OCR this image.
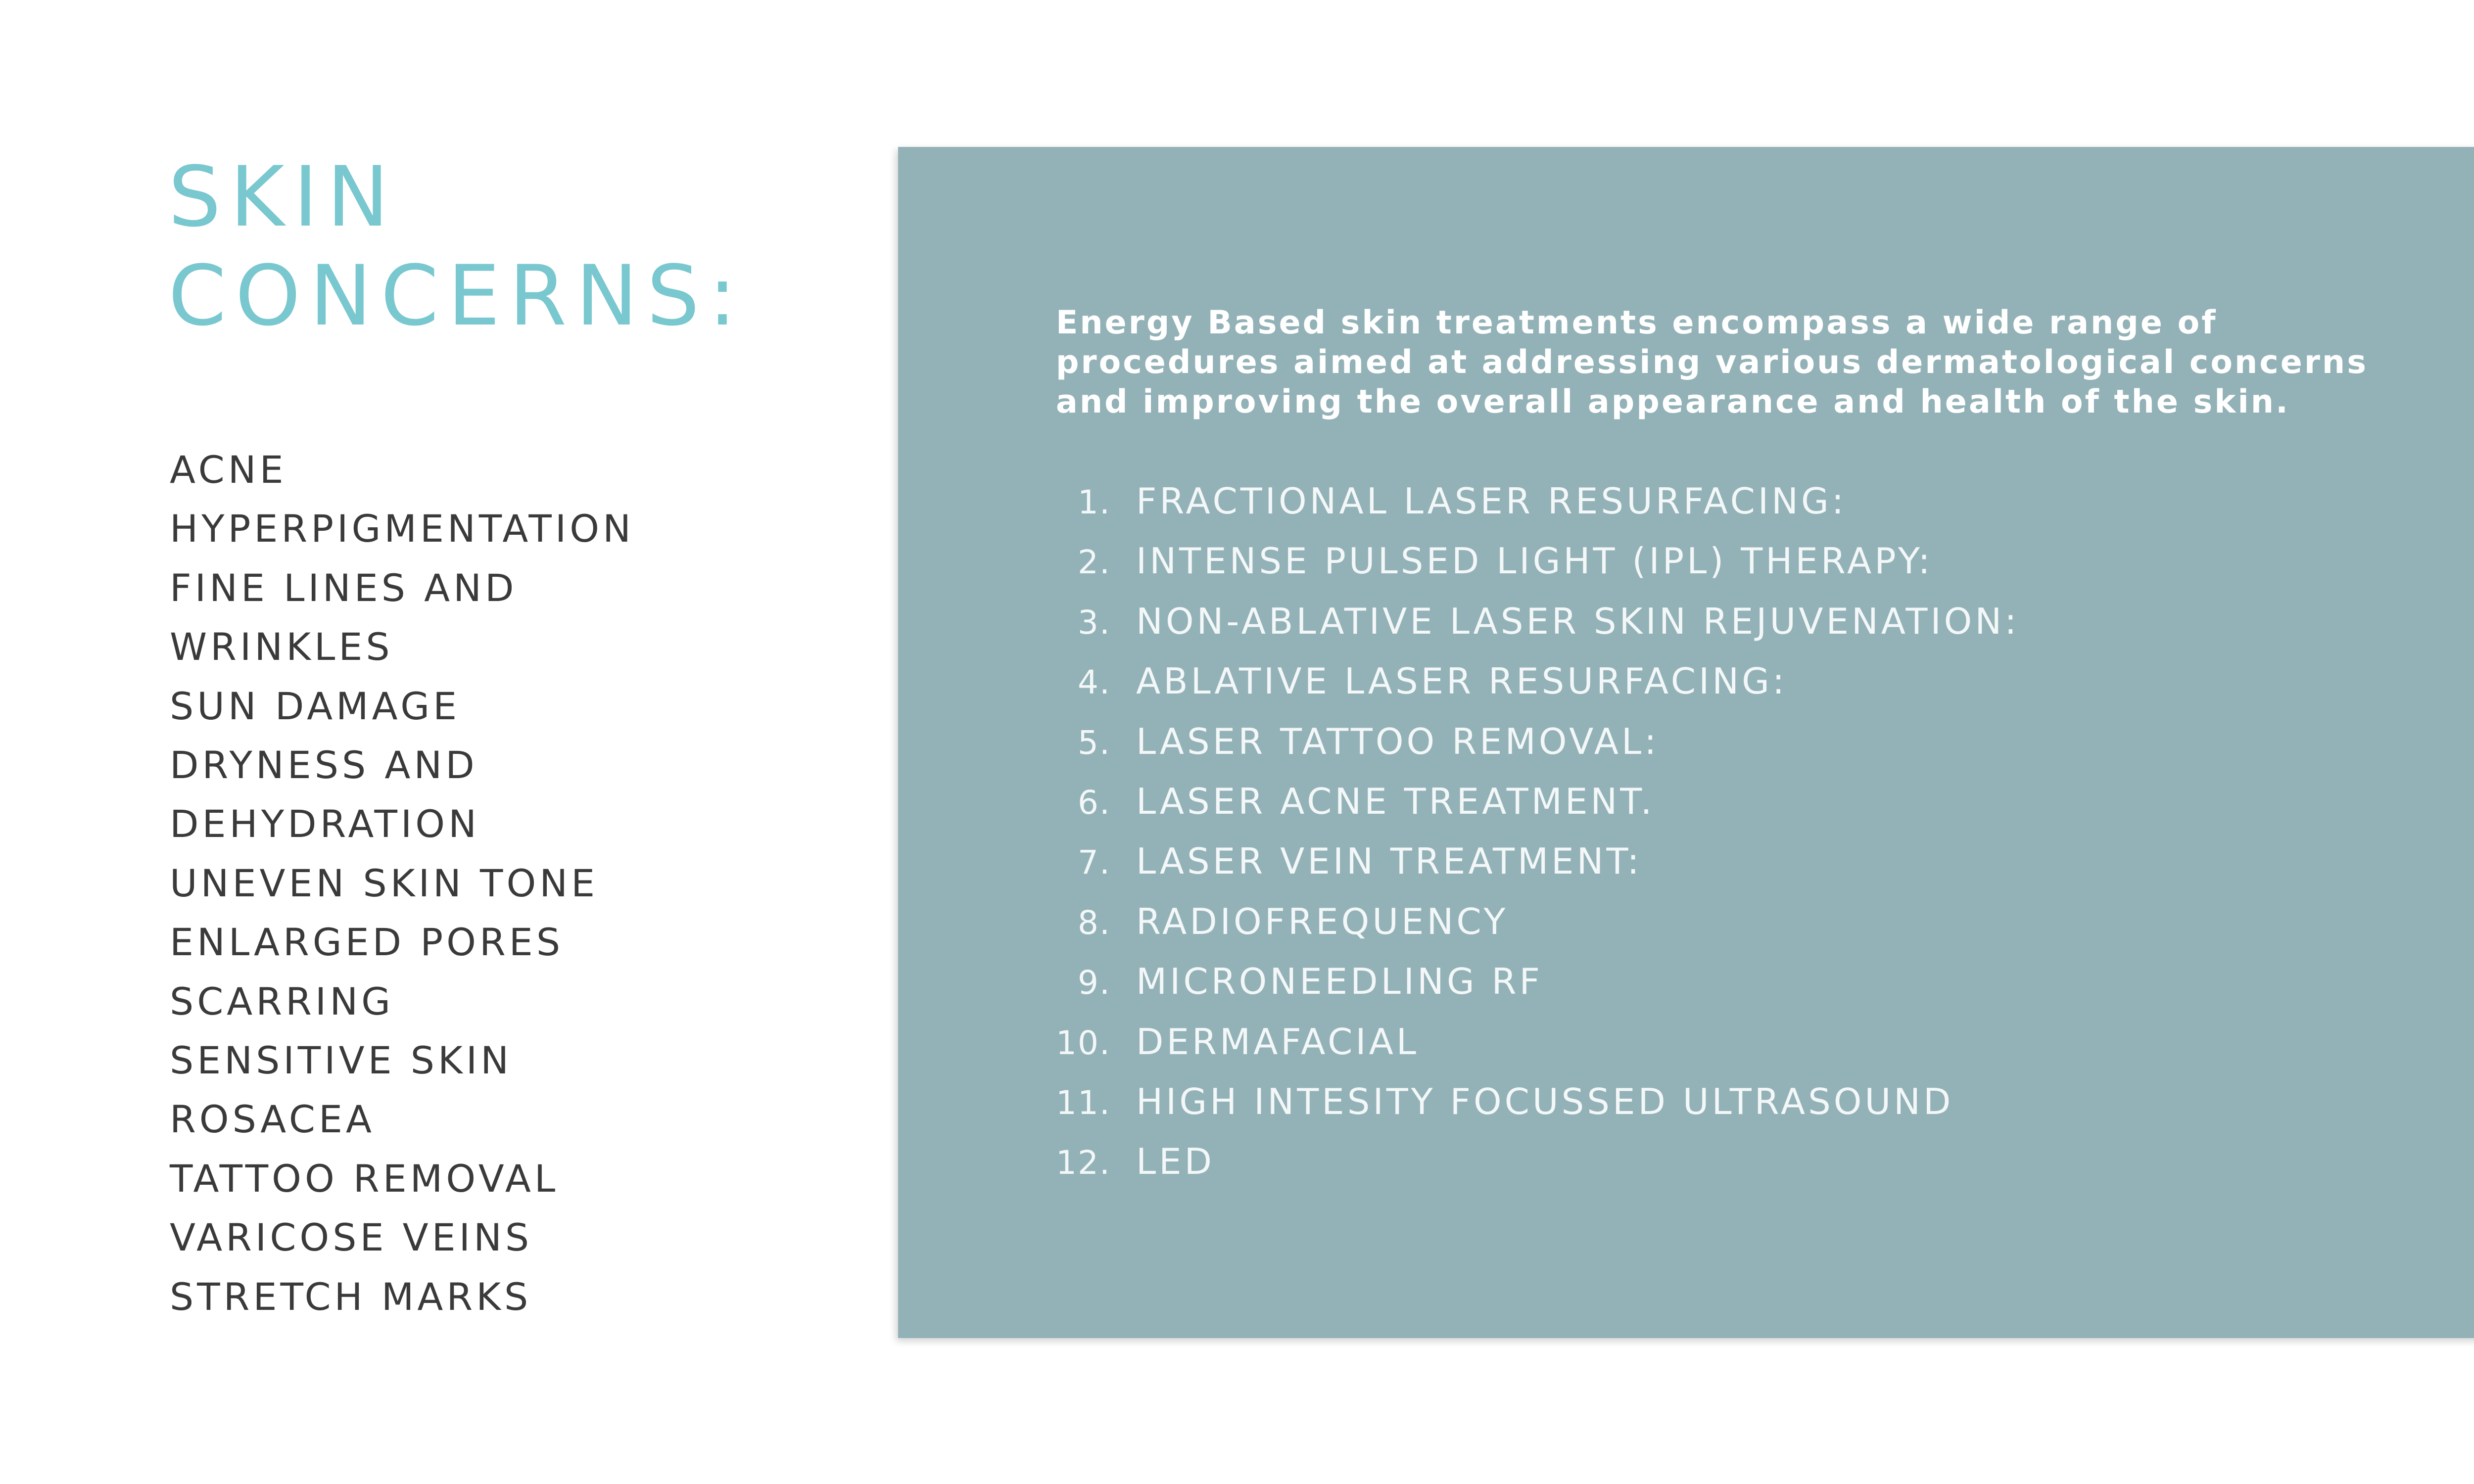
SKIN
CONCERNS:
ACNE
HYPERPIGMENTATION
FINE LINES AND
WRINKLES
SUN DAMAGE
DRYNESS AND
DEHYDRATION
UNEVEN SKIN TONE
ENLARGED PORES
SCARRING
SENSITIVE SKIN
ROSACEA
TATTOO REMOVAL
VARICOSE VEINS
STRETCH MARKS

Energy Based skin treatments encompass a wide range of
procedures aimed at addressing various dermatological concerns
and improving the overall appearance and health of the skin.

1. FRACTIONAL LASER RESURFACING:
2. INTENSE PULSED LIGHT (IPL) THERAPY:
3. NON-ABLATIVE LASER SKIN REJUVENATION:
4. ABLATIVE LASER RESURFACING:
5. LASER TATTOO REMOVAL:
6. LASER ACNE TREATMENT.
7. LASER VEIN TREATMENT:
8. RADIOFREQUENCY
9. MICRONEEDLING RF
10. DERMAFACIAL
11. HIGH INTESITY FOCUSSED ULTRASOUND
12. LED
